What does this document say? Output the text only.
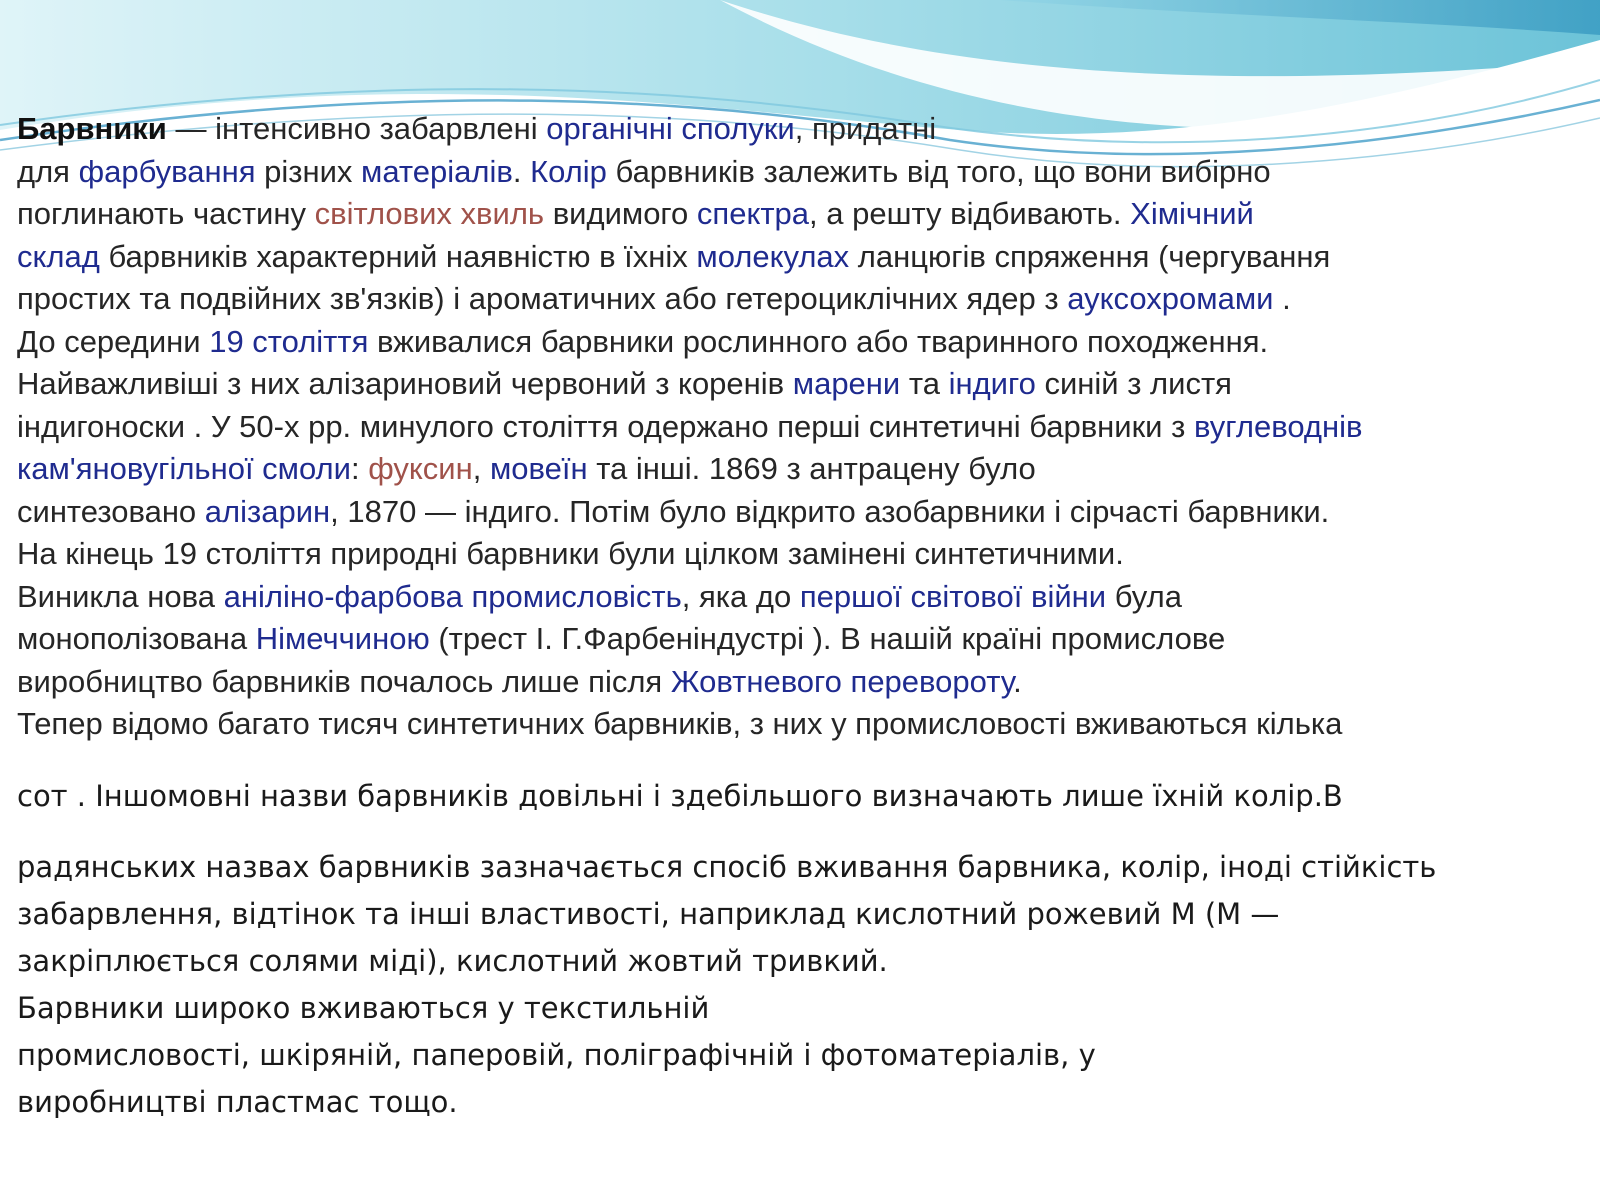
Барвники — інтенсивно забарвлені органічні сполуки, придатні
для фарбування різних матеріалів. Колір барвників залежить від того, що вони вибірно
поглинають частину світлових хвиль видимого спектра, а решту відбивають. Хімічний
склад барвників характерний наявністю в їхніх молекулах ланцюгів спряження (чергування
простих та подвійних зв'язків) і ароматичних або гетероциклічних ядер з ауксохромами .
До середини 19 століття вживалися барвники рослинного або тваринного походження.
Найважливіші з них алізариновий червоний з коренів марени та індиго синій з листя
індигоноски . У 50-х рр. минулого століття одержано перші синтетичні барвники з вуглеводнів
кам'яновугільної смоли: фуксин, мовеїн та інші. 1869 з антрацену було
синтезовано алізарин, 1870 — індиго. Потім було відкрито азобарвники і сірчасті барвники.
На кінець 19 століття природні барвники були цілком замінені синтетичними.
Виникла нова аніліно-фарбова промисловість, яка до першої світової війни була
монополізована Німеччиною (трест І. Г.Фарбеніндустрі ). В нашій країні промислове
виробництво барвників почалось лише після Жовтневого перевороту.
Тепер відомо багато тисяч синтетичних барвників, з них у промисловості вживаються кілька
сот . Іншомовні назви барвників довільні і здебільшого визначають лише їхній колір.В
радянських назвах барвників зазначається спосіб вживання барвника, колір, іноді стійкість
забарвлення, відтінок та інші властивості, наприклад кислотний рожевий М (М —
закріплюється солями міді), кислотний жовтий тривкий.
Барвники широко вживаються у текстильній
промисловості, шкіряній, паперовій, поліграфічній і фотоматеріалів, у
виробництві пластмас тощо.
